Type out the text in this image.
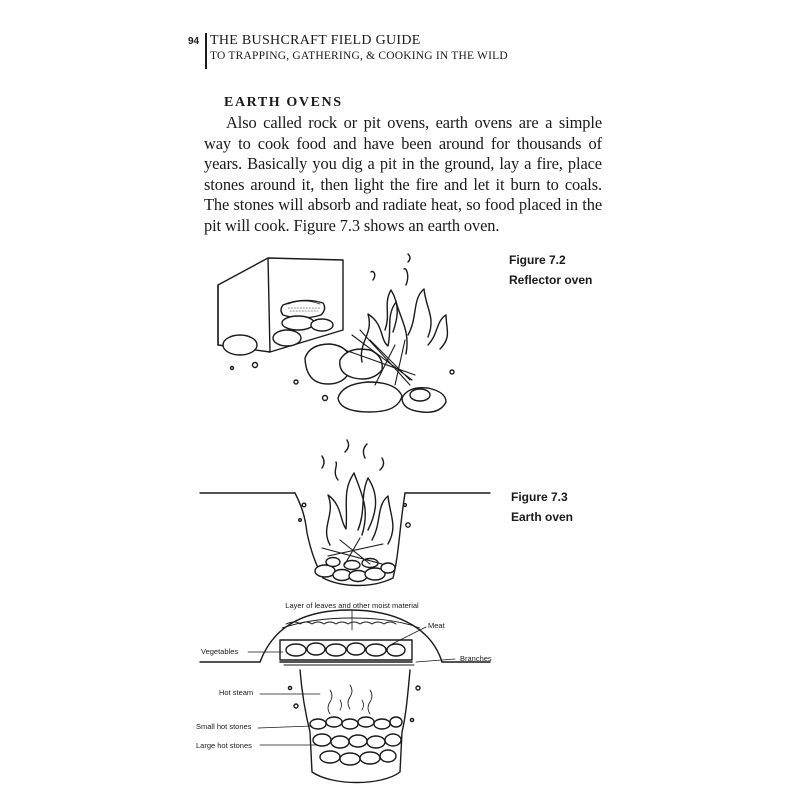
94 THE BUSHCRAFT FIELD GUIDE
TO TRAPPING, GATHERING, & COOKING IN THE WILD
EARTH OVENS

Also called rock or pit ovens, earth ovens are a simple way to cook food and have been around for thousands of years. Basically you dig a pit in the ground, lay a fire, place stones around it, then light the fire and let it burn to coals. The stones will absorb and radiate heat, so food placed in the pit will cook. Figure 7.3 shows an earth oven.

Figure 7.2
Reflector oven
Figure 7.3
Earth oven
Layer of leaves and other moist material
Meat
Vegetables
Branches
Hot steam
Small hot stones
Large hot stones
